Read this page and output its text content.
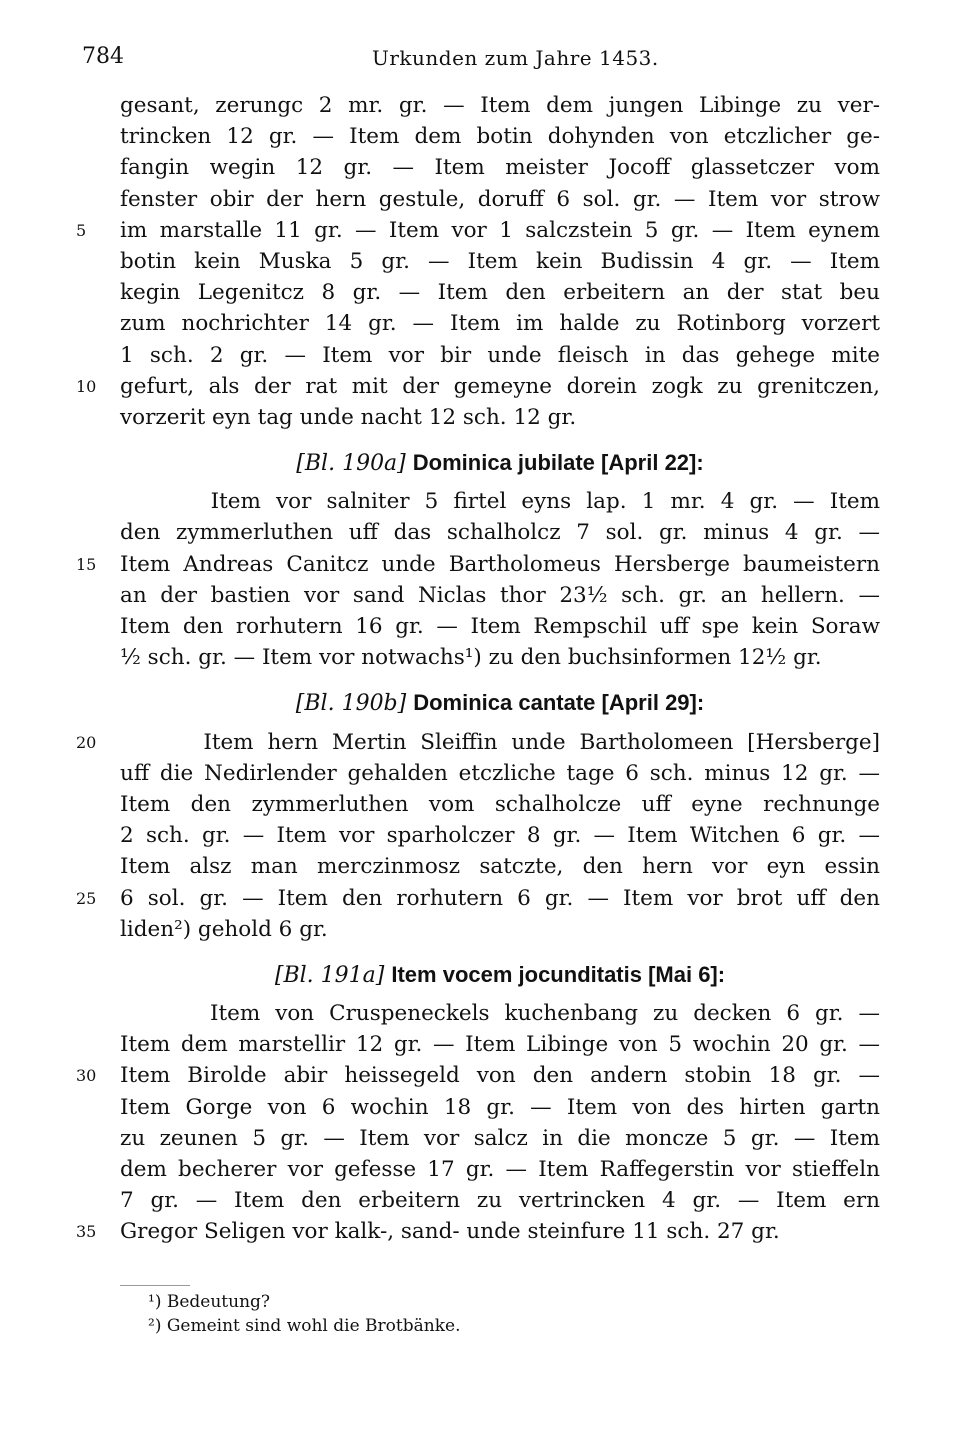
784	Urkunden zum Jahre 1453.
gesant, zerungc 2 mr. gr. — Item dem jungen Libinge zu ver-
trincken 12 gr. — Item dem botin dohynden von etczlicher ge-
fangin wegin 12 gr. — Item meister Jocoff glassetczer vom
fenster obir der hern gestule, doruff 6 sol. gr. — Item vor strow
5 im marstalle 11 gr. — Item vor 1 salczstein 5 gr. — Item eynem
botin kein Muska 5 gr. — Item kein Budissin 4 gr. — Item
kegin Legenitcz 8 gr. — Item den erbeitern an der stat beu
zum nochrichter 14 gr. — Item im halde zu Rotinborg vorzert
1 sch. 2 gr. — Item vor bir unde fleisch in das gehege mite
10 gefurt, als der rat mit der gemeyne dorein zogk zu grenitczen,
vorzerit eyn tag unde nacht 12 sch. 12 gr.
[Bl. 190a] Dominica jubilate [April 22]:
Item vor salniter 5 firtel eyns lap. 1 mr. 4 gr. — Item
den zymmerluthen uff das schalholcz 7 sol. gr. minus 4 gr. —
15 Item Andreas Canitcz unde Bartholomeus Hersberge baumeistern
an der bastien vor sand Niclas thor 23½ sch. gr. an hellern. —
Item den rorhutern 16 gr. — Item Rempschil uff spe kein Soraw
½ sch. gr. — Item vor notwachs¹) zu den buchsinformen 12½ gr.
[Bl. 190b] Dominica cantate [April 29]:
20 Item hern Mertin Sleiffin unde Bartholomeen [Hersberge]
uff die Nedirlender gehalden etczliche tage 6 sch. minus 12 gr. —
Item den zymmerluthen vom schalholcze uff eyne rechnunge
2 sch. gr. — Item vor sparholczer 8 gr. — Item Witchen 6 gr. —
Item alsz man merczinmosz satczte, den hern vor eyn essin
25 6 sol. gr. — Item den rorhutern 6 gr. — Item vor brot uff den
liden²) gehold 6 gr.
[Bl. 191a] Item vocem jocunditatis [Mai 6]:
Item von Cruspeneckels kuchenbang zu decken 6 gr. —
Item dem marstellir 12 gr. — Item Libinge von 5 wochin 20 gr. —
30 Item Birolde abir heissegeld von den andern stobin 18 gr. —
Item Gorge von 6 wochin 18 gr. — Item von des hirten gartn
zu zeunen 5 gr. — Item vor salcz in die moncze 5 gr. — Item
dem becherer vor gefesse 17 gr. — Item Raffegerstin vor stieffeln
7 gr. — Item den erbeitern zu vertrincken 4 gr. — Item ern
35 Gregor Seligen vor kalk-, sand- unde steinfure 11 sch. 27 gr.
¹) Bedeutung?
²) Gemeint sind wohl die Brotbänke.
